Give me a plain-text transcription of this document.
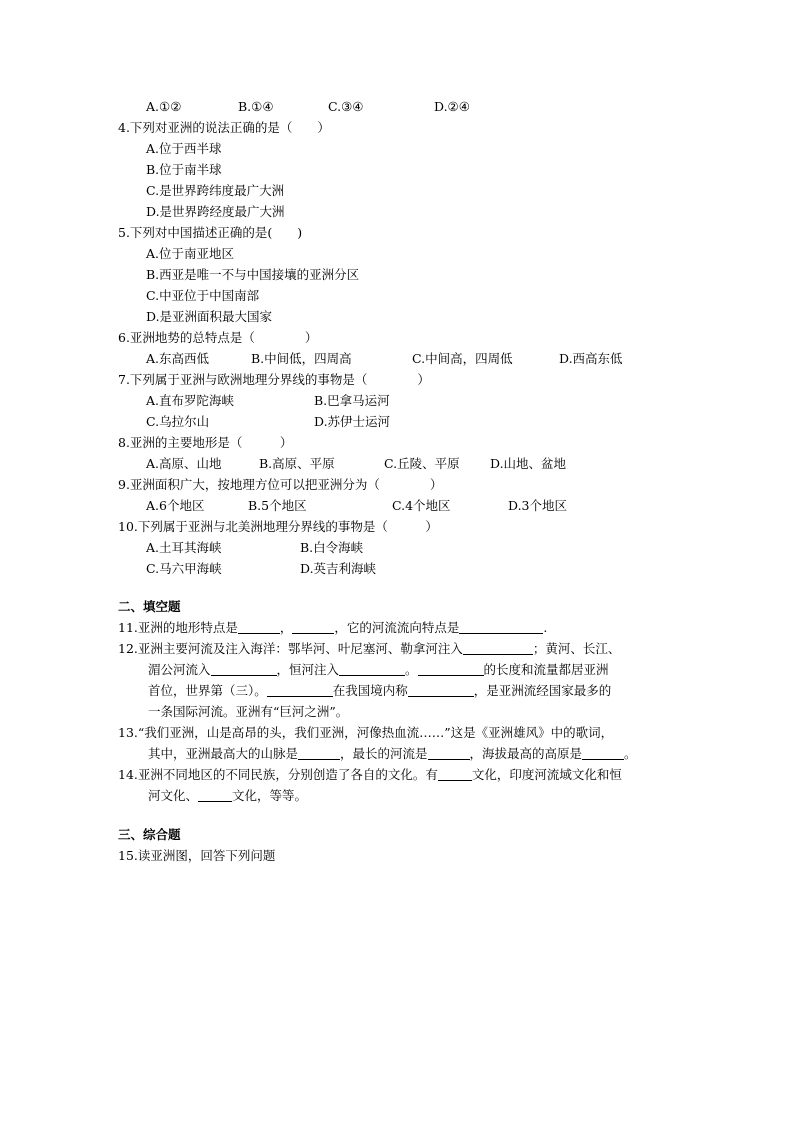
A.①②	B.①④	C.③④	D.②④
4.下列对亚洲的说法正确的是（　　）
A.位于西半球
B.位于南半球
C.是世界跨纬度最广大洲
D.是世界跨经度最广大洲
5.下列对中国描述正确的是(　　)
A.位于南亚地区
B.西亚是唯一不与中国接壤的亚洲分区
C.中亚位于中国南部
D.是亚洲面积最大国家
6.亚洲地势的总特点是（　　　　）
A.东高西低	B.中间低，四周高	C.中间高，四周低	D.西高东低
7.下列属于亚洲与欧洲地理分界线的事物是（　　　　）
A.直布罗陀海峡	B.巴拿马运河
C.乌拉尔山	D.苏伊士运河
8.亚洲的主要地形是（　　　）
A.高原、山地	B.高原、平原	C.丘陵、平原 D.山地、盆地
9.亚洲面积广大，按地理方位可以把亚洲分为（　　　　）
A.6个地区	B.5个地区	C.4个地区	D.3个地区
10.下列属于亚洲与北美洲地理分界线的事物是（　　　）
A.土耳其海峡	B.白令海峡
C.马六甲海峡	D.英吉利海峡
二、填空题
11.亚洲的地形特点是	，	，它的河流流向特点是	.
12.亚洲主要河流及注入海洋：鄂毕河、叶尼塞河、勒拿河注入	；黄河、长江、
湄公河流入	，恒河注入	。	的长度和流量都居亚洲
首位，世界第（三）。	在我国境内称	，是亚洲流经国家最多的
一条国际河流。亚洲有“巨河之洲”。
13.“我们亚洲，山是高昂的头，我们亚洲，河像热血流……”这是《亚洲雄风》中的歌词，
其中，亚洲最高大的山脉是	，最长的河流是	，海拔最高的高原是	。
14.亚洲不同地区的不同民族，分别创造了各自的文化。有	文化，印度河流域文化和恒
河文化、	文化，等等。
三、综合题
15.读亚洲图，回答下列问题
